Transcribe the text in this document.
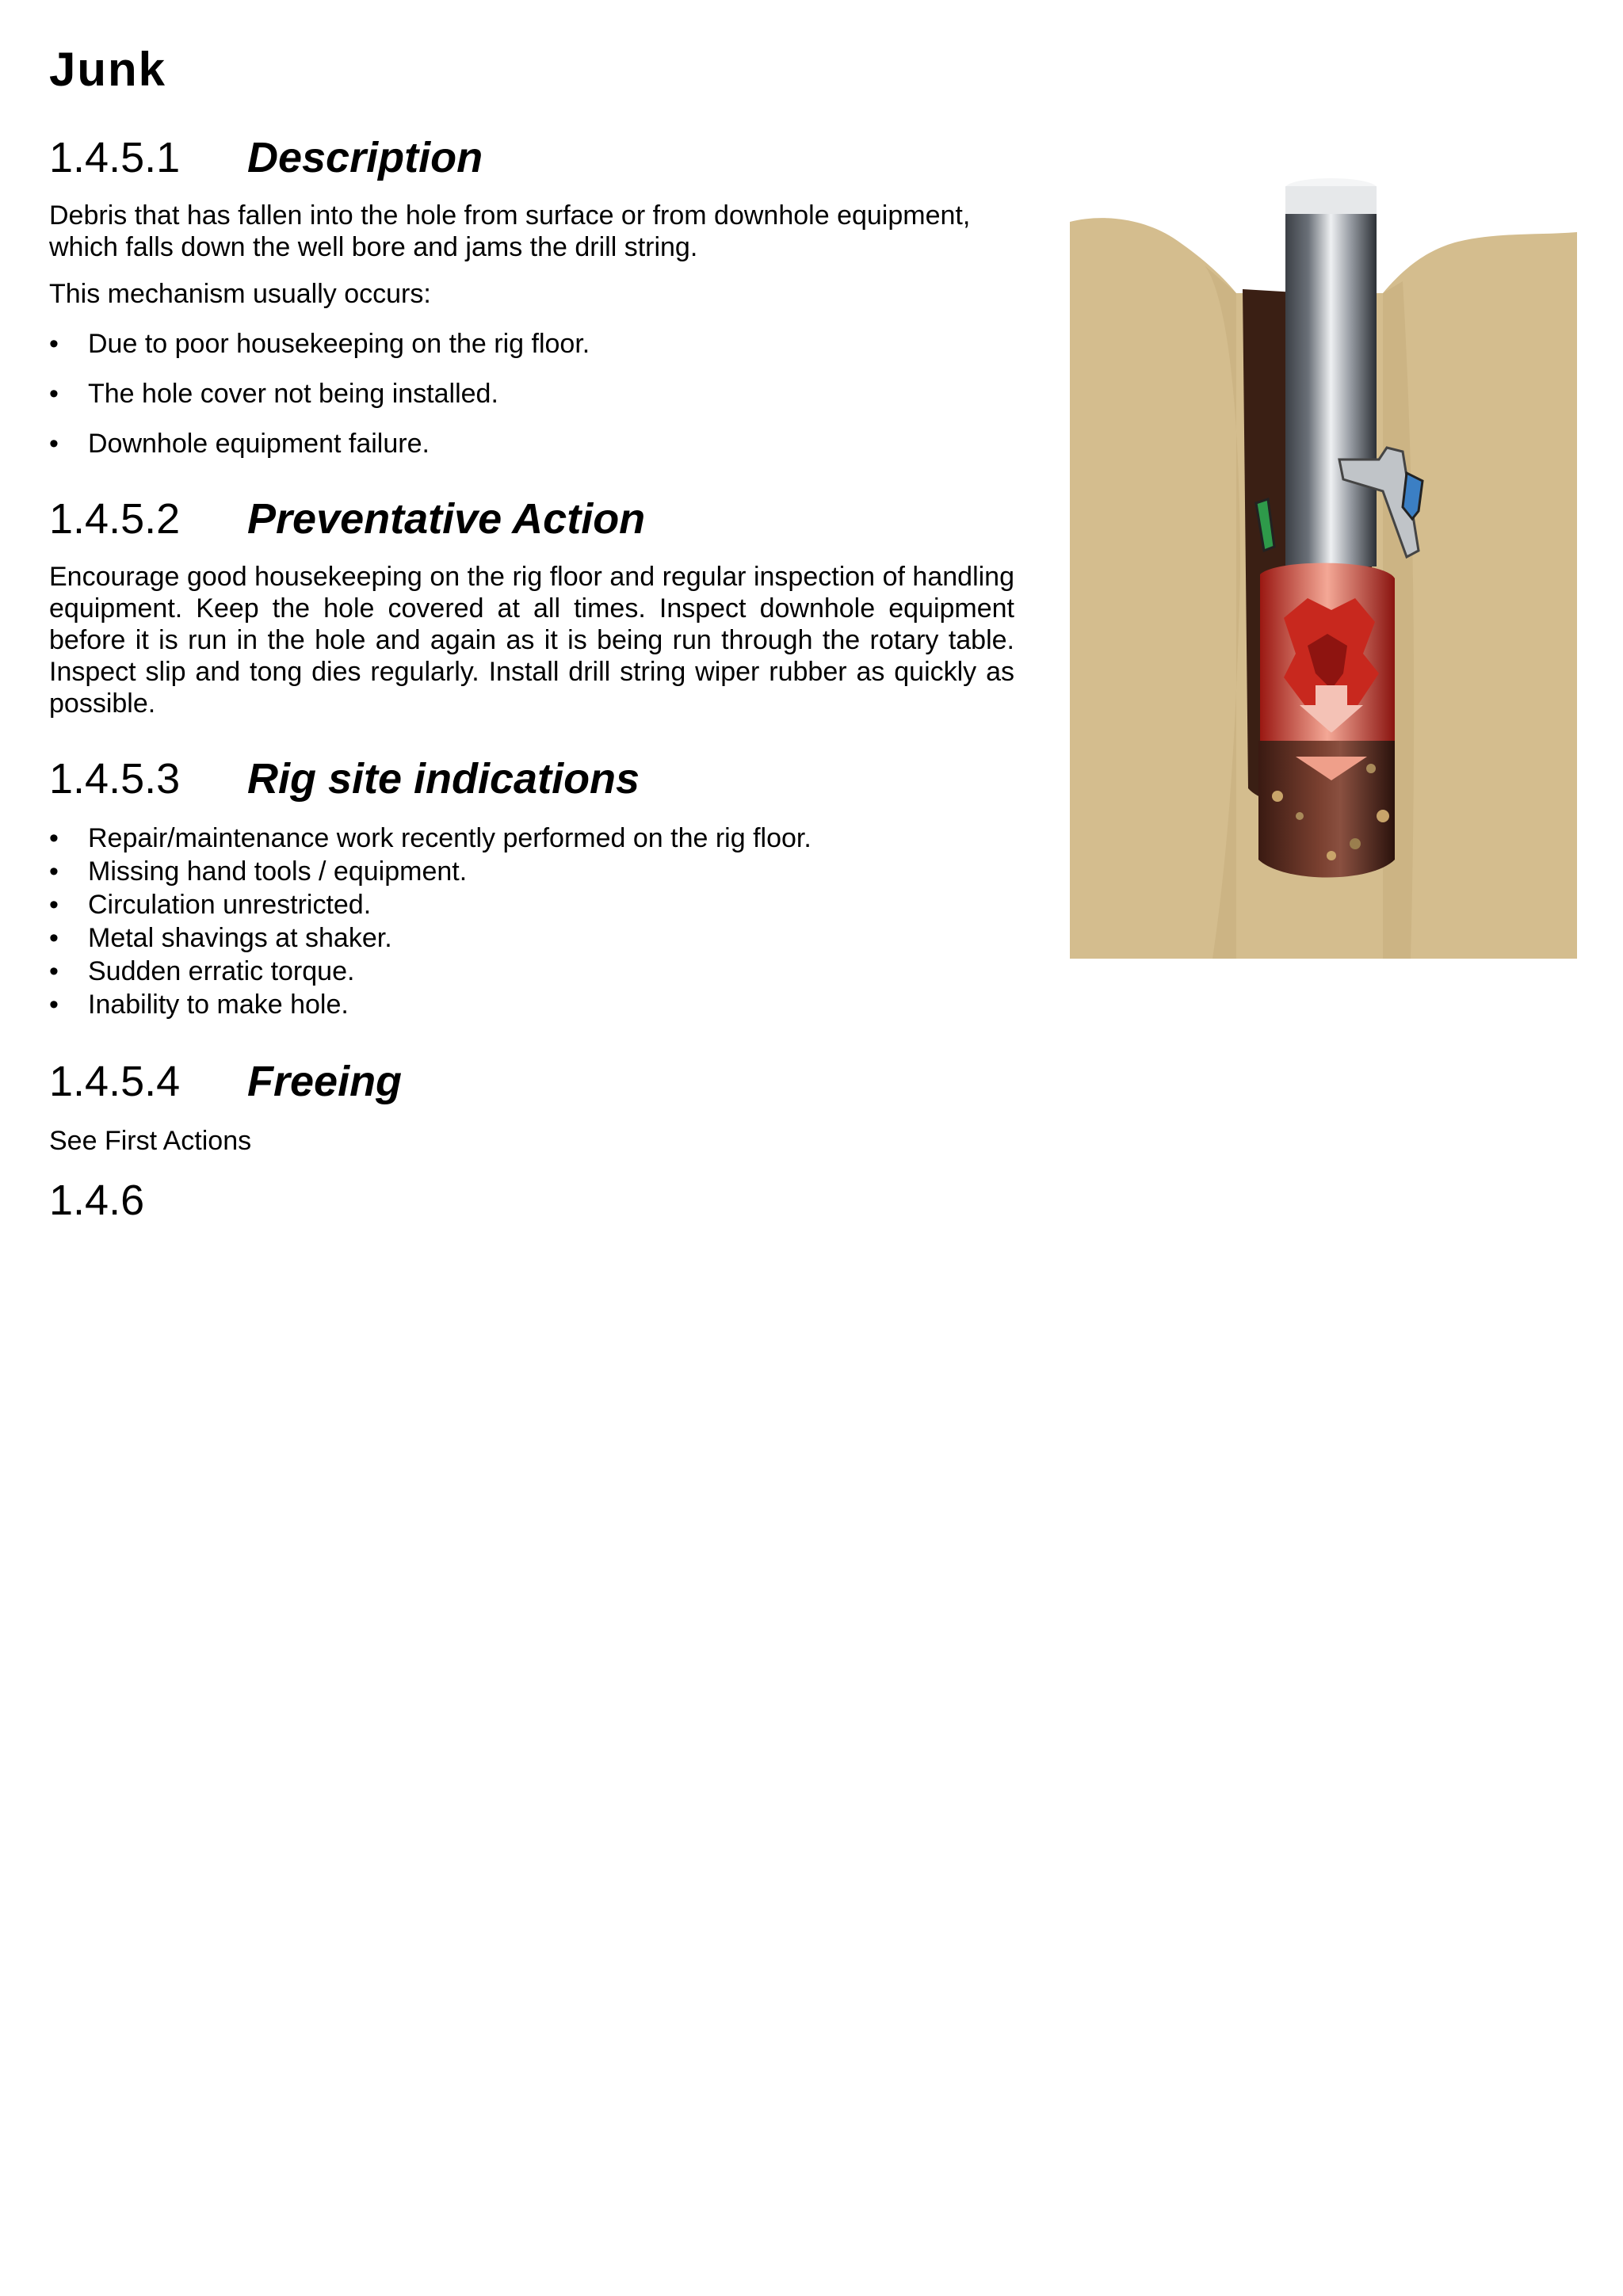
Junk
1.4.5.1 Description

Debris that has fallen into the hole from surface or from downhole equipment, which falls down the well bore and jams the drill string.

This mechanism usually occurs:

• Due to poor housekeeping on the rig floor.
• The hole cover not being installed.
• Downhole equipment failure.
1.4.5.2 Preventative Action

Encourage good housekeeping on the rig floor and regular inspection of handling equipment. Keep the hole covered at all times. Inspect downhole equipment before it is run in the hole and again as it is being run through the rotary table. Inspect slip and tong dies regularly. Install drill string wiper rubber as quickly as possible.

1.4.5.3 Rig site indications
• Repair/maintenance work recently performed on the rig floor.
• Missing hand tools / equipment.
• Circulation unrestricted.
• Metal shavings at shaker.
• Sudden erratic torque.
• Inability to make hole.
1.4.5.4 Freeing

See First Actions

1.4.6
